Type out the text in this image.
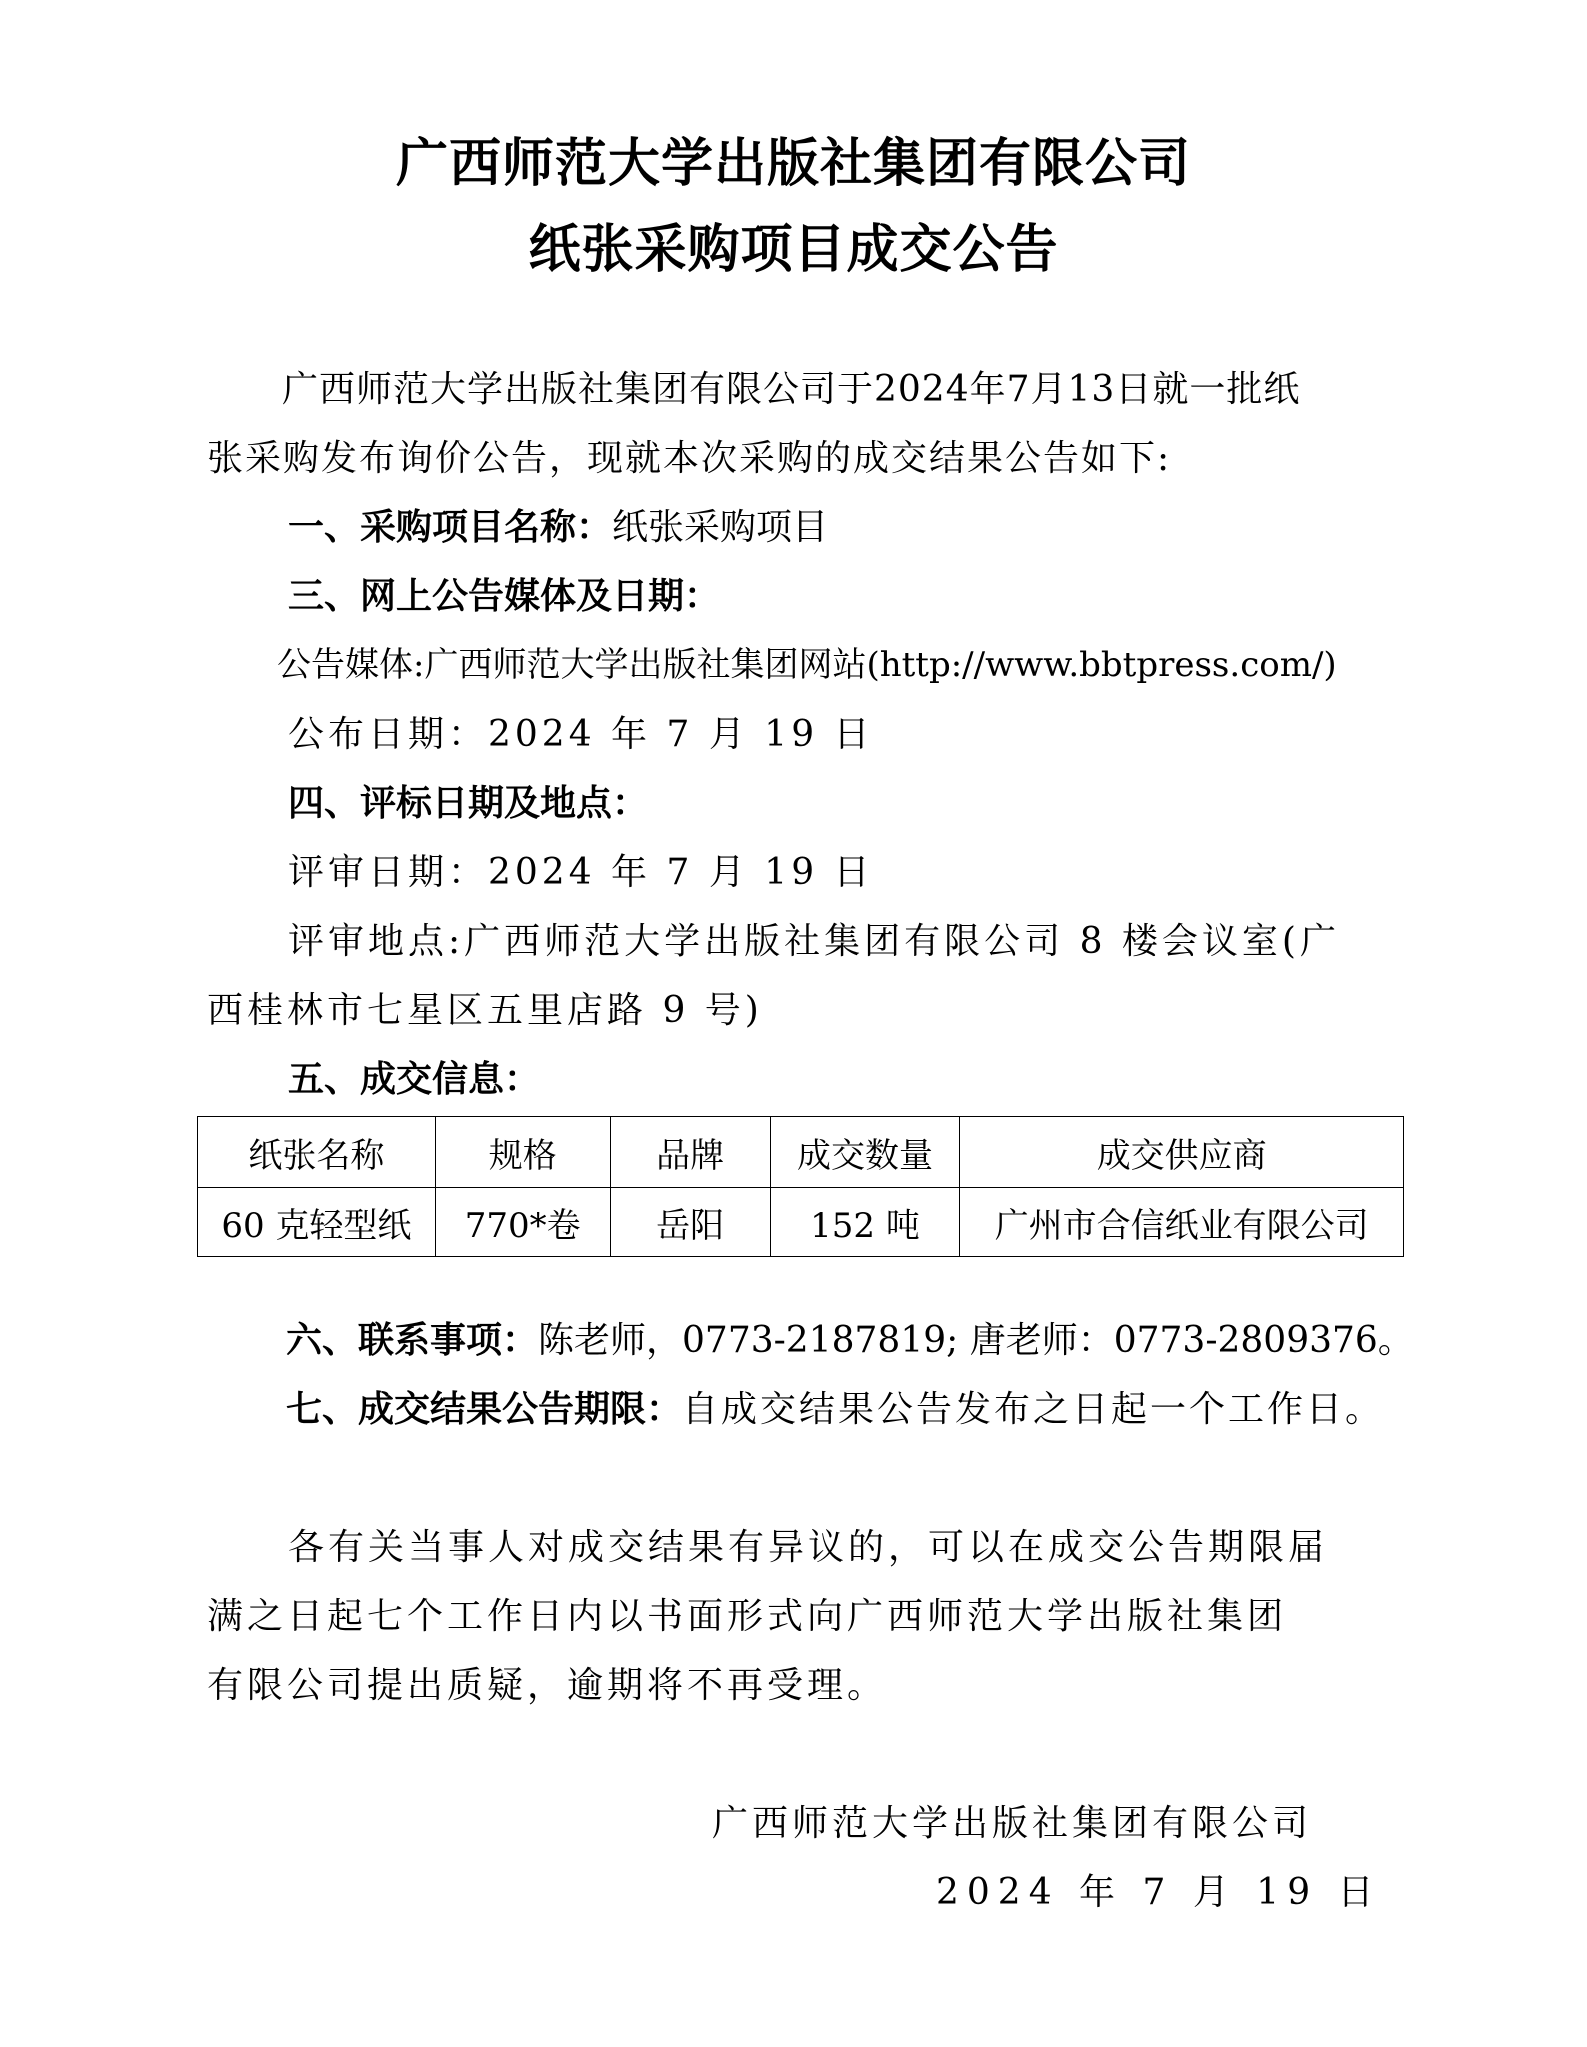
广西师范大学出版社集团有限公司
纸张采购项目成交公告
广西师范大学出版社集团有限公司于2024年7月13日就一批纸
张采购发布询价公告，现就本次采购的成交结果公告如下:
一、采购项目名称：纸张采购项目
三、网上公告媒体及日期：
公告媒体:广西师范大学出版社集团网站(http://www.bbtpress.com/)
公布日期：2024 年 7 月 19 日
四、评标日期及地点：
评审日期：2024 年 7 月 19 日
评审地点:广西师范大学出版社集团有限公司 8 楼会议室(广
西桂林市七星区五里店路 9 号)
五、成交信息：
纸张名称	规格	品牌	成交数量	成交供应商
60 克轻型纸	770*卷	岳阳	152 吨	广州市合信纸业有限公司
六、联系事项：陈老师，0773-2187819; 唐老师：0773-2809376。
七、成交结果公告期限：自成交结果公告发布之日起一个工作日。
各有关当事人对成交结果有异议的，可以在成交公告期限届
满之日起七个工作日内以书面形式向广西师范大学出版社集团
有限公司提出质疑，逾期将不再受理。
广西师范大学出版社集团有限公司
2024 年 7 月 19 日
